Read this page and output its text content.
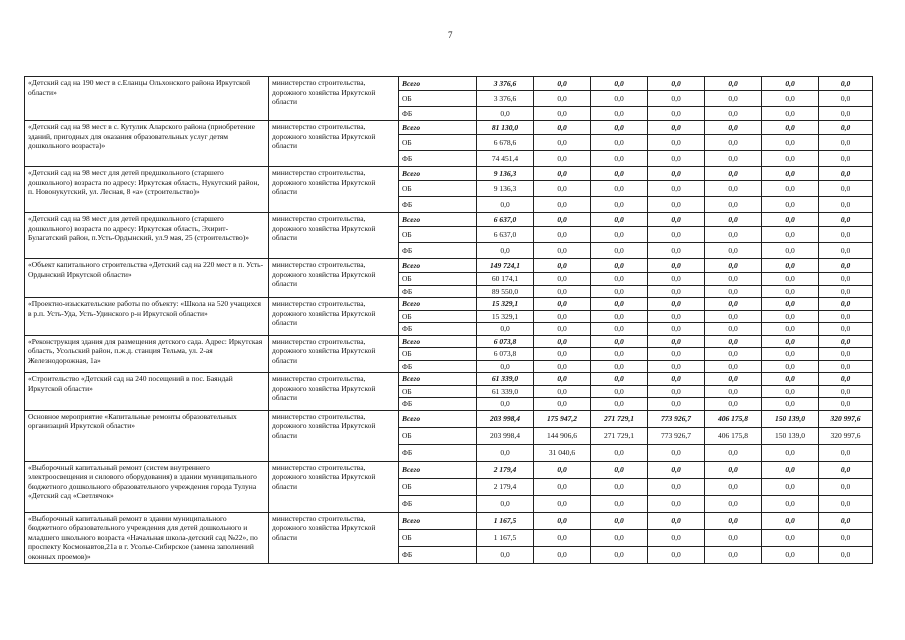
7
«Детский сад на 190 мест в с.Еланцы Ольхонского района Иркутской области»	министерство строительства, дорожного хозяйства Иркутской области	Всего	3 376,6	0,0	0,0	0,0	0,0	0,0	0,0
		ОБ	3 376,6	0,0	0,0	0,0	0,0	0,0	0,0
		ФБ	0,0	0,0	0,0	0,0	0,0	0,0	0,0
«Детский сад на 98 мест в с. Кутулик Аларского района (приобретение зданий, пригодных для оказания образовательных услуг детям дошкольного возраста)»	министерство строительства, дорожного хозяйства Иркутской области	Всего	81 130,0	0,0	0,0	0,0	0,0	0,0	0,0
		ОБ	6 678,6	0,0	0,0	0,0	0,0	0,0	0,0
		ФБ	74 451,4	0,0	0,0	0,0	0,0	0,0	0,0
«Детский сад на 98 мест для детей предшкольного (старшего дошкольного) возраста по адресу: Иркутская область, Нукутский район, п. Новонукутский, ул. Лесная, 8 «а» (строительство)»	министерство строительства, дорожного хозяйства Иркутской области	Всего	9 136,3	0,0	0,0	0,0	0,0	0,0	0,0
		ОБ	9 136,3	0,0	0,0	0,0	0,0	0,0	0,0
		ФБ	0,0	0,0	0,0	0,0	0,0	0,0	0,0
«Детский сад на 98 мест для детей предшкольного (старшего дошкольного) возраста по адресу: Иркутская область, Эхирит-Булагатский район, п.Усть-Ордынский, ул.9 мая, 25 (строительство)»	министерство строительства, дорожного хозяйства Иркутской области	Всего	6 637,0	0,0	0,0	0,0	0,0	0,0	0,0
		ОБ	6 637,0	0,0	0,0	0,0	0,0	0,0	0,0
		ФБ	0,0	0,0	0,0	0,0	0,0	0,0	0,0
«Объект капитального строительства «Детский сад на 220 мест в п. Усть-Ордынский Иркутской области»	министерство строительства, дорожного хозяйства Иркутской области	Всего	149 724,1	0,0	0,0	0,0	0,0	0,0	0,0
		ОБ	60 174,1	0,0	0,0	0,0	0,0	0,0	0,0
		ФБ	89 550,0	0,0	0,0	0,0	0,0	0,0	0,0
«Проектно-изыскательские работы по объекту: «Школа на 520 учащихся в р.п. Усть-Уда, Усть-Удинского р-н Иркутской области»	министерство строительства, дорожного хозяйства Иркутской области	Всего	15 329,1	0,0	0,0	0,0	0,0	0,0	0,0
		ОБ	15 329,1	0,0	0,0	0,0	0,0	0,0	0,0
		ФБ	0,0	0,0	0,0	0,0	0,0	0,0	0,0
«Реконструкция здания для размещения детского сада. Адрес: Иркутская область, Усольский район, п.ж.д. станция Тельма, ул. 2-ая Железнодорожная, 1а»	министерство строительства, дорожного хозяйства Иркутской области	Всего	6 073,8	0,0	0,0	0,0	0,0	0,0	0,0
		ОБ	6 073,8	0,0	0,0	0,0	0,0	0,0	0,0
		ФБ	0,0	0,0	0,0	0,0	0,0	0,0	0,0
«Строительство «Детский сад на 240 посещений в пос. Баяндай Иркутской области»	министерство строительства, дорожного хозяйства Иркутской области	Всего	61 339,0	0,0	0,0	0,0	0,0	0,0	0,0
		ОБ	61 339,0	0,0	0,0	0,0	0,0	0,0	0,0
		ФБ	0,0	0,0	0,0	0,0	0,0	0,0	0,0
Основное мероприятие «Капитальные ремонты образовательных организаций Иркутской области»	министерство строительства, дорожного хозяйства Иркутской области	Всего	203 998,4	175 947,2	271 729,1	773 926,7	406 175,8	150 139,0	320 997,6
		ОБ	203 998,4	144 906,6	271 729,1	773 926,7	406 175,8	150 139,0	320 997,6
		ФБ	0,0	31 040,6	0,0	0,0	0,0	0,0	0,0
«Выборочный капитальный ремонт (систем внутреннего электроосвещения и силового оборудования) в здании муниципального бюджетного дошкольного образовательного учреждения города Тулуна «Детский сад «Светлячок»	министерство строительства, дорожного хозяйства Иркутской области	Всего	2 179,4	0,0	0,0	0,0	0,0	0,0	0,0
		ОБ	2 179,4	0,0	0,0	0,0	0,0	0,0	0,0
		ФБ	0,0	0,0	0,0	0,0	0,0	0,0	0,0
«Выборочный капитальный ремонт в здании муниципального бюджетного образовательного учреждения для детей дошкольного и младшего школьного возраста «Начальная школа-детский сад №22», по проспекту Космонавтов,21а в г. Усолье-Сибирское (замена заполнений оконных проемов)»	министерство строительства, дорожного хозяйства Иркутской области	Всего	1 167,5	0,0	0,0	0,0	0,0	0,0	0,0
		ОБ	1 167,5	0,0	0,0	0,0	0,0	0,0	0,0
		ФБ	0,0	0,0	0,0	0,0	0,0	0,0	0,0
